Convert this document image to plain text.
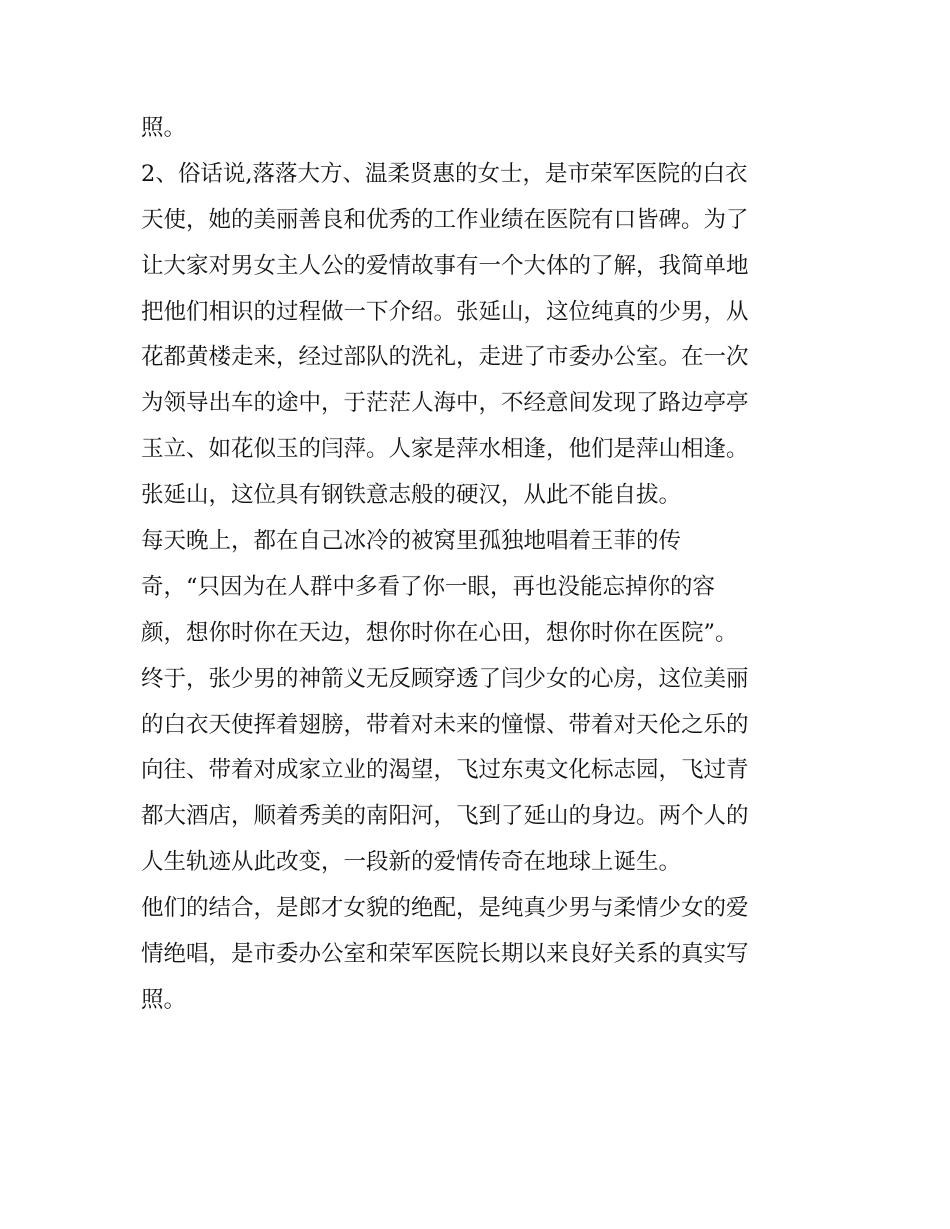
照。
2、俗话说,落落大方、温柔贤惠的女士，是市荣军医院的白衣
天使，她的美丽善良和优秀的工作业绩在医院有口皆碑。为了
让大家对男女主人公的爱情故事有一个大体的了解，我简单地
把他们相识的过程做一下介绍。张延山，这位纯真的少男，从
花都黄楼走来，经过部队的洗礼，走进了市委办公室。在一次
为领导出车的途中，于茫茫人海中，不经意间发现了路边亭亭
玉立、如花似玉的闫萍。人家是萍水相逢，他们是萍山相逢。
张延山，这位具有钢铁意志般的硬汉，从此不能自拔。
每天晚上，都在自己冰冷的被窝里孤独地唱着王菲的传
奇，“只因为在人群中多看了你一眼，再也没能忘掉你的容
颜，想你时你在天边，想你时你在心田，想你时你在医院”。
终于，张少男的神箭义无反顾穿透了闫少女的心房，这位美丽
的白衣天使挥着翅膀，带着对未来的憧憬、带着对天伦之乐的
向往、带着对成家立业的渴望，飞过东夷文化标志园，飞过青
都大酒店，顺着秀美的南阳河，飞到了延山的身边。两个人的
人生轨迹从此改变，一段新的爱情传奇在地球上诞生。
他们的结合，是郎才女貌的绝配，是纯真少男与柔情少女的爱
情绝唱，是市委办公室和荣军医院长期以来良好关系的真实写
照。
